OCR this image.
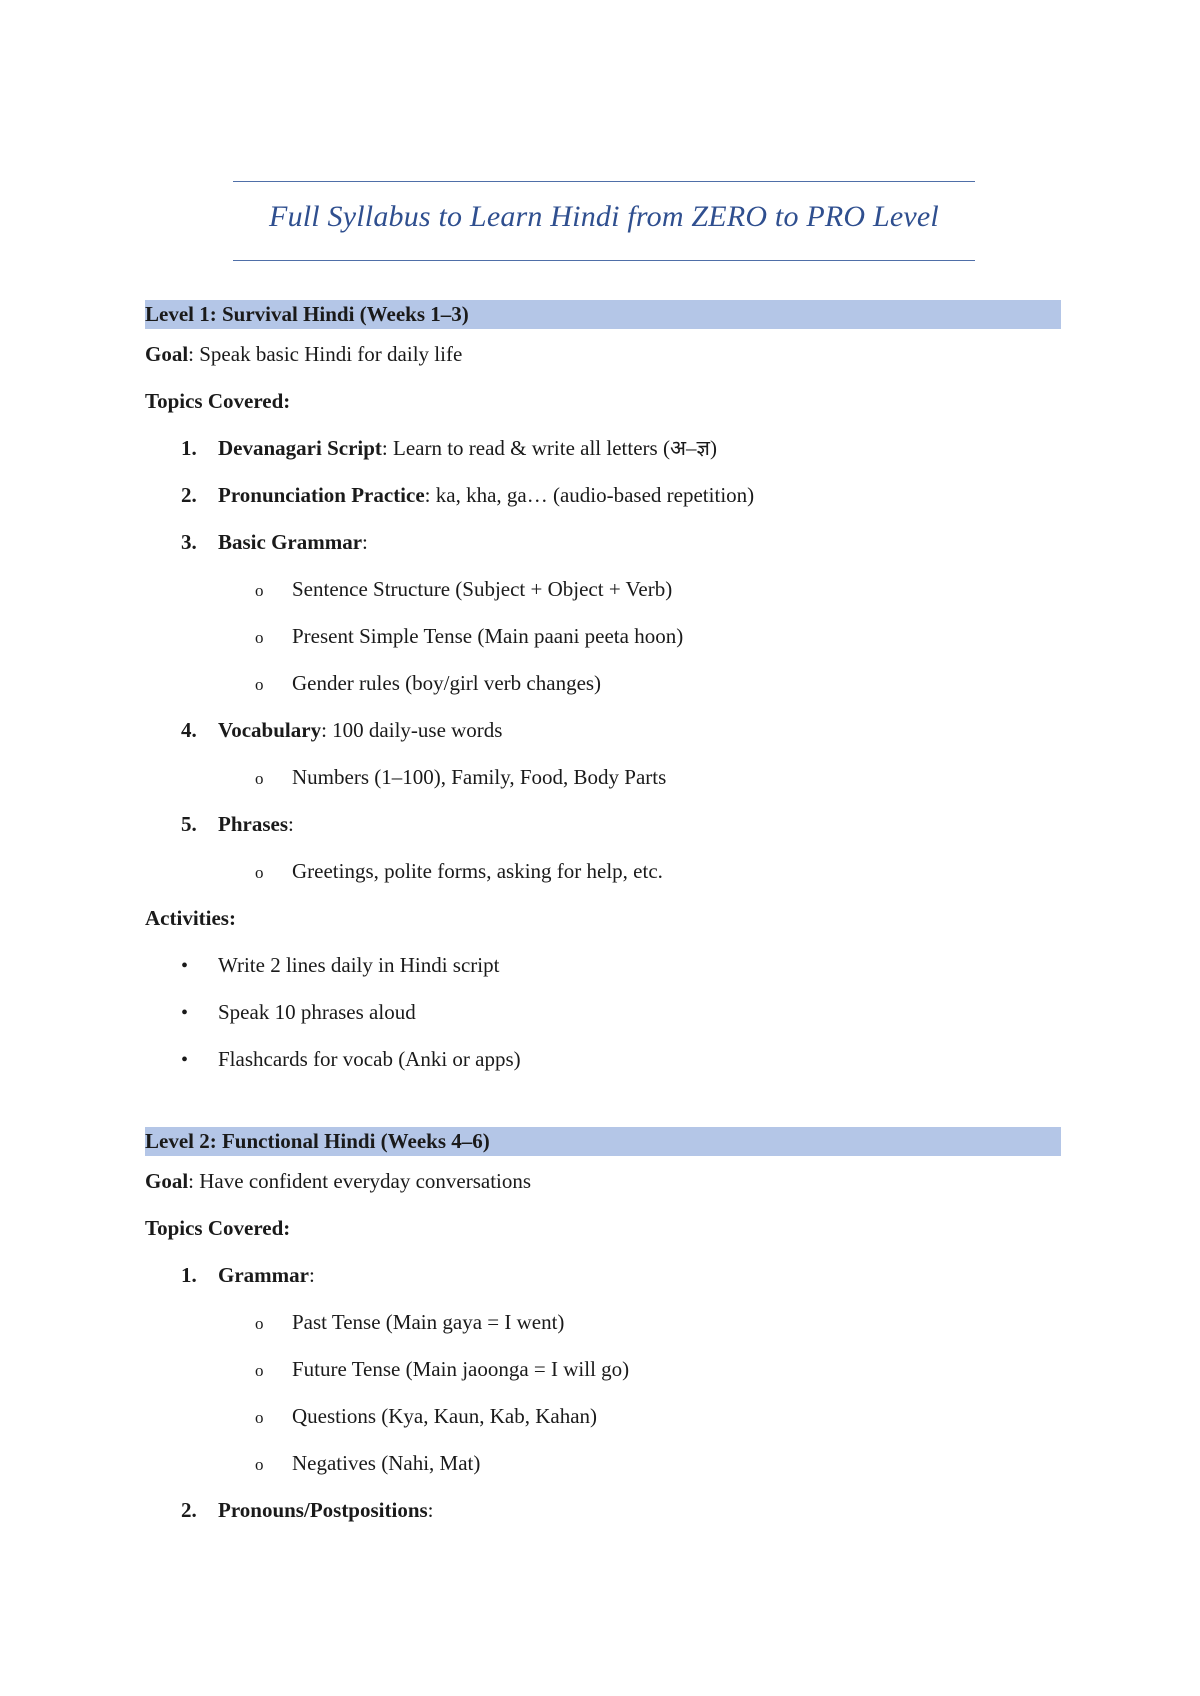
Full Syllabus to Learn Hindi from ZERO to PRO Level
Level 1: Survival Hindi (Weeks 1–3)
Goal: Speak basic Hindi for daily life
Topics Covered:
1. Devanagari Script: Learn to read & write all letters (अ–ज्ञ)
2. Pronunciation Practice: ka, kha, ga… (audio-based repetition)
3. Basic Grammar:
o Sentence Structure (Subject + Object + Verb)
o Present Simple Tense (Main paani peeta hoon)
o Gender rules (boy/girl verb changes)
4. Vocabulary: 100 daily-use words
o Numbers (1–100), Family, Food, Body Parts
5. Phrases:
o Greetings, polite forms, asking for help, etc.
Activities:
• Write 2 lines daily in Hindi script
• Speak 10 phrases aloud
• Flashcards for vocab (Anki or apps)
Level 2: Functional Hindi (Weeks 4–6)
Goal: Have confident everyday conversations
Topics Covered:
1. Grammar:
o Past Tense (Main gaya = I went)
o Future Tense (Main jaoonga = I will go)
o Questions (Kya, Kaun, Kab, Kahan)
o Negatives (Nahi, Mat)
2. Pronouns/Postpositions:
